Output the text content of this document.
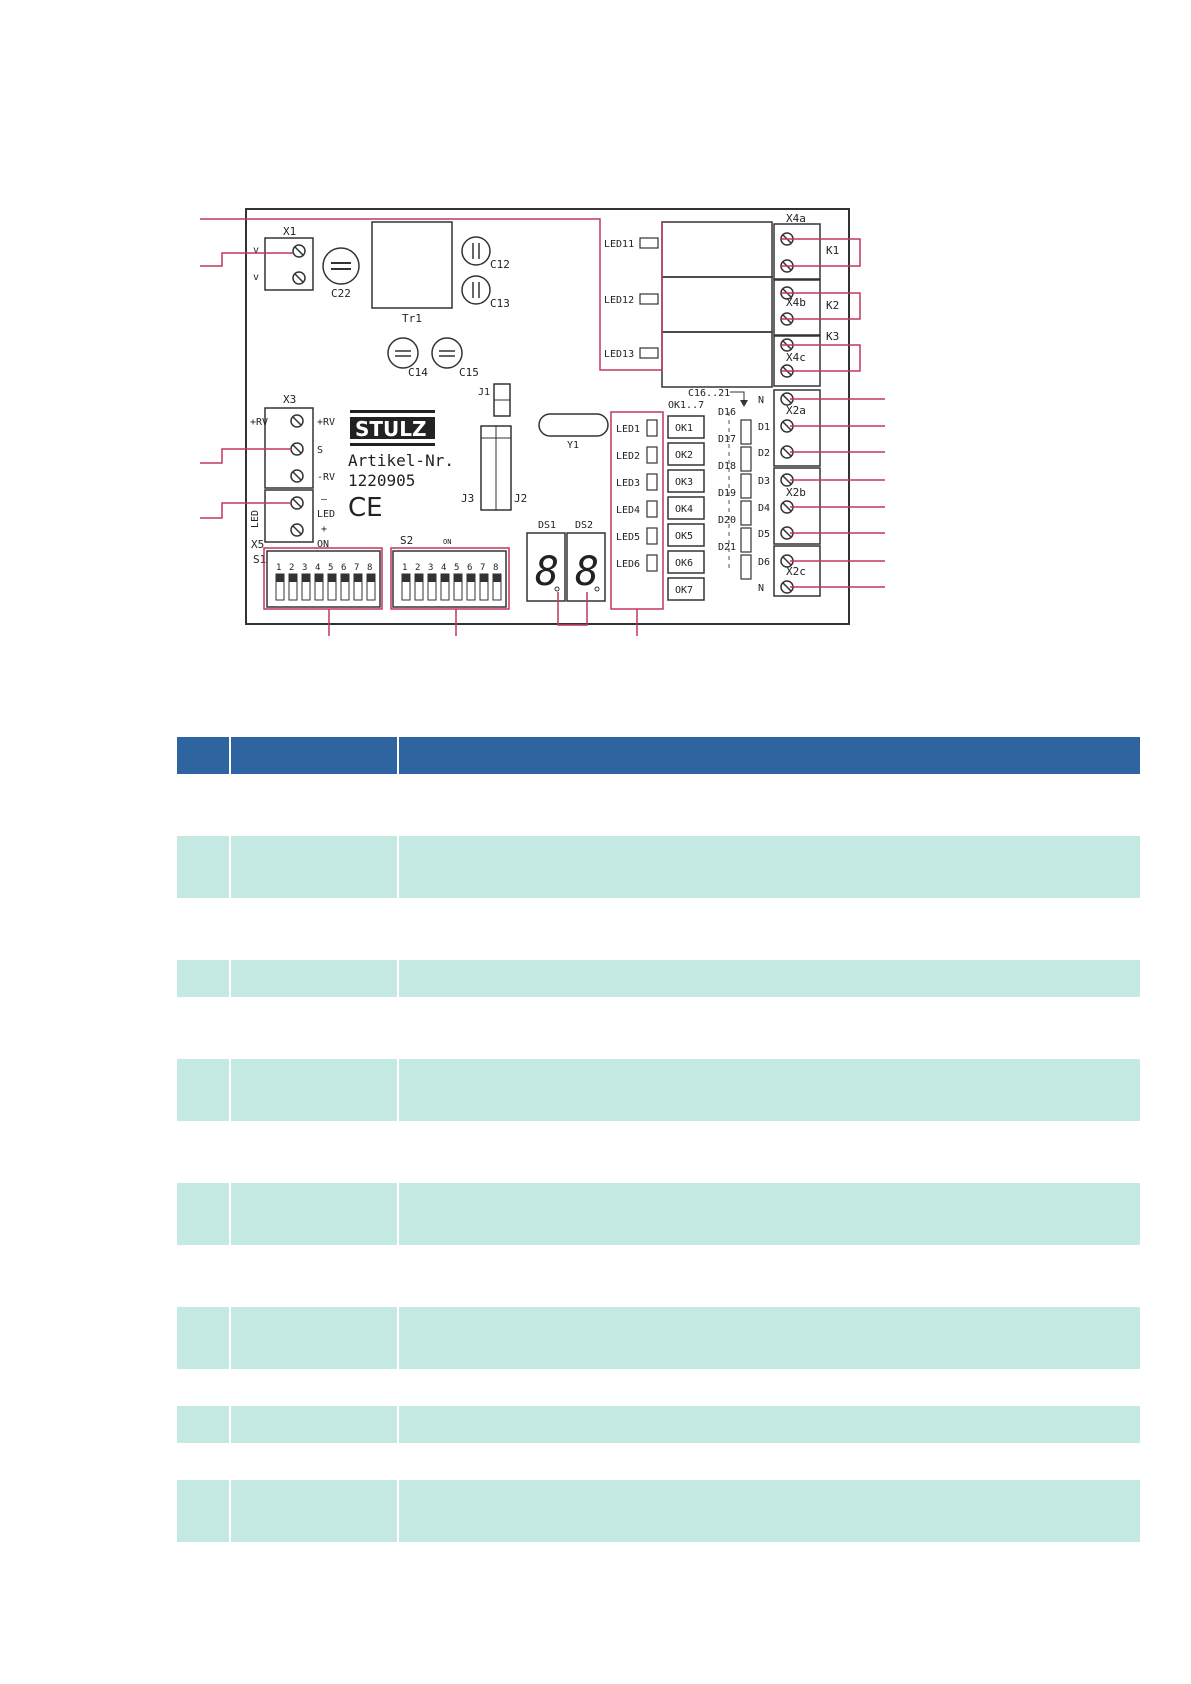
X1
v
v
C22
Tr1
C12
C13
C14	C15
J1
J3	J2
Y1
STULZ
Artikel-Nr.
1220905
CE
X3
+RV	+RV
S
-RV
LED
–
LED
+
ON
X5
S1
1 2 3 4 5 6 7 8
S2	ON
1 2 3 4 5 6 7 8
DS1 DS2
8 8
LED1
LED2
LED3
LED4
LED5
LED6
OK1..7
OK1
OK2
OK3
OK4
OK5
OK6
OK7
C16..21
D16
D17
D18
D19
D20
D21
LED11
LED12
LED13
X4a
X4b
X4c
K1
K2
K3
X2a
X2b
X2c
N
D1
D2
D3
D4
D5
D6
N
